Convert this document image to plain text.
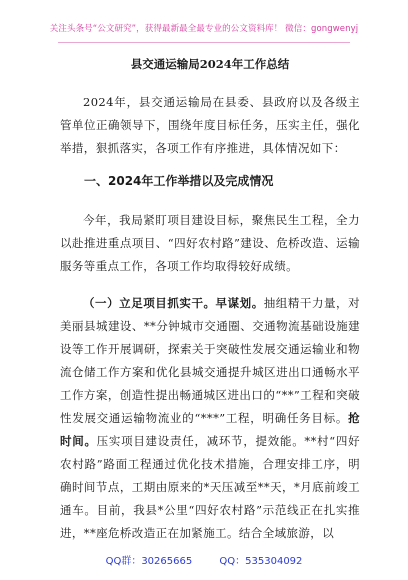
关注头条号“公文研究”，获得最新最全最专业的公文资料库！ 微信：gongwenyj

县交通运输局2024年工作总结

2024年，县交通运输局在县委、县政府以及各级主管单位正确领导下，围绕年度目标任务，压实主任，强化举措，狠抓落实，各项工作有序推进，具体情况如下：

一、2024年工作举措以及完成情况

今年，我局紧盯项目建设目标，聚焦民生工程，全力以赴推进重点项目、“四好农村路”建设、危桥改造、运输服务等重点工作，各项工作均取得较好成绩。

（一）立足项目抓实干。早谋划。抽组精干力量，对美丽县城建设、**分钟城市交通圈、交通物流基础设施建设等工作开展调研，探索关于突破性发展交通运输业和物流仓储工作方案和优化县城交通提升城区进出口通畅水平工作方案，创造性提出畅通城区进出口的“**”工程和突破性发展交通运输物流业的“***”工程，明确任务目标。抢时间。压实项目建设责任，减环节，提效能。**村“四好农村路”路面工程通过优化技术措施，合理安排工序，明确时间节点，工期由原来的*天压减至**天，*月底前竣工通车。目前，我县*公里“四好农村路”示范线正在扎实推进，**座危桥改造正在加紧施工。结合全域旅游，以

QQ群：30265665	QQ：535304092
